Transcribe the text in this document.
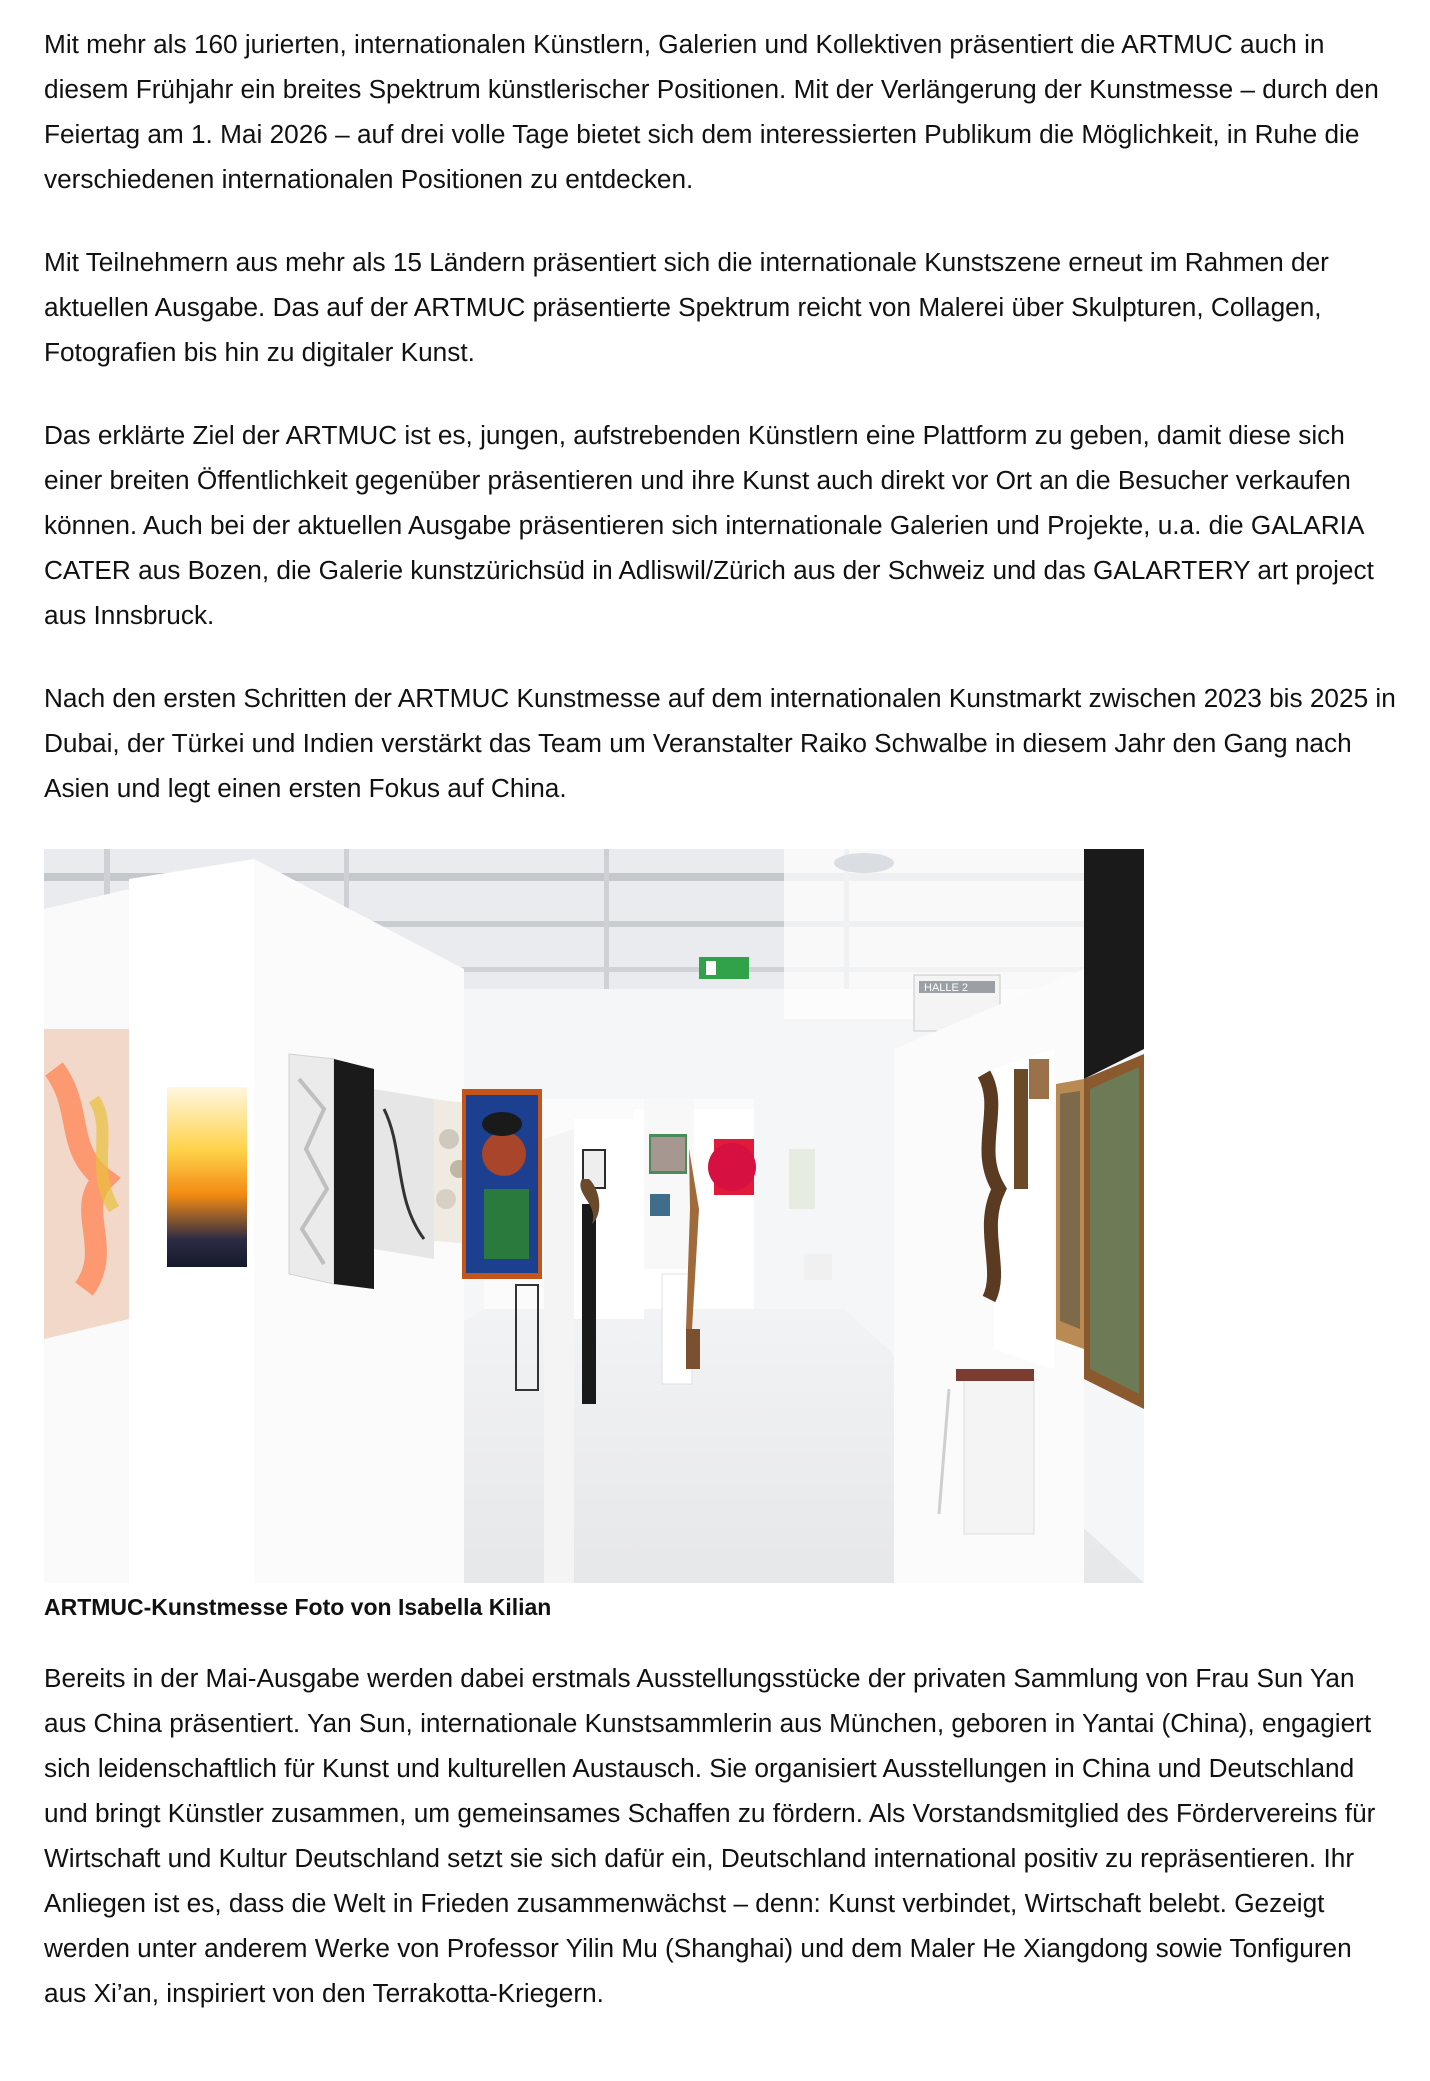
Mit mehr als 160 jurierten, internationalen Künstlern, Galerien und Kollektiven präsentiert die ARTMUC auch in diesem Frühjahr ein breites Spektrum künstlerischer Positionen. Mit der Verlängerung der Kunstmesse – durch den Feiertag am 1. Mai 2026 – auf drei volle Tage bietet sich dem interessierten Publikum die Möglichkeit, in Ruhe die verschiedenen internationalen Positionen zu entdecken.

Mit Teilnehmern aus mehr als 15 Ländern präsentiert sich die internationale Kunstszene erneut im Rahmen der aktuellen Ausgabe. Das auf der ARTMUC präsentierte Spektrum reicht von Malerei über Skulpturen, Collagen, Fotografien bis hin zu digitaler Kunst.

Das erklärte Ziel der ARTMUC ist es, jungen, aufstrebenden Künstlern eine Plattform zu geben, damit diese sich einer breiten Öffentlichkeit gegenüber präsentieren und ihre Kunst auch direkt vor Ort an die Besucher verkaufen können. Auch bei der aktuellen Ausgabe präsentieren sich internationale Galerien und Projekte, u.a. die GALARIA CATER aus Bozen, die Galerie kunstzürichsüd in Adliswil/Zürich aus der Schweiz und das GALARTERY art project aus Innsbruck.

Nach den ersten Schritten der ARTMUC Kunstmesse auf dem internationalen Kunstmarkt zwischen 2023 bis 2025 in Dubai, der Türkei und Indien verstärkt das Team um Veranstalter Raiko Schwalbe in diesem Jahr den Gang nach Asien und legt einen ersten Fokus auf China.

HALLE 2
ARTMUC-Kunstmesse Foto von Isabella Kilian

Bereits in der Mai-Ausgabe werden dabei erstmals Ausstellungsstücke der privaten Sammlung von Frau Sun Yan aus China präsentiert. Yan Sun, internationale Kunstsammlerin aus München, geboren in Yantai (China), engagiert sich leidenschaftlich für Kunst und kulturellen Austausch. Sie organisiert Ausstellungen in China und Deutschland und bringt Künstler zusammen, um gemeinsames Schaffen zu fördern. Als Vorstandsmitglied des Fördervereins für Wirtschaft und Kultur Deutschland setzt sie sich dafür ein, Deutschland international positiv zu repräsentieren. Ihr Anliegen ist es, dass die Welt in Frieden zusammenwächst – denn: Kunst verbindet, Wirtschaft belebt. Gezeigt werden unter anderem Werke von Professor Yilin Mu (Shanghai) und dem Maler He Xiangdong sowie Tonfiguren aus Xi’an, inspiriert von den Terrakotta-Kriegern.
